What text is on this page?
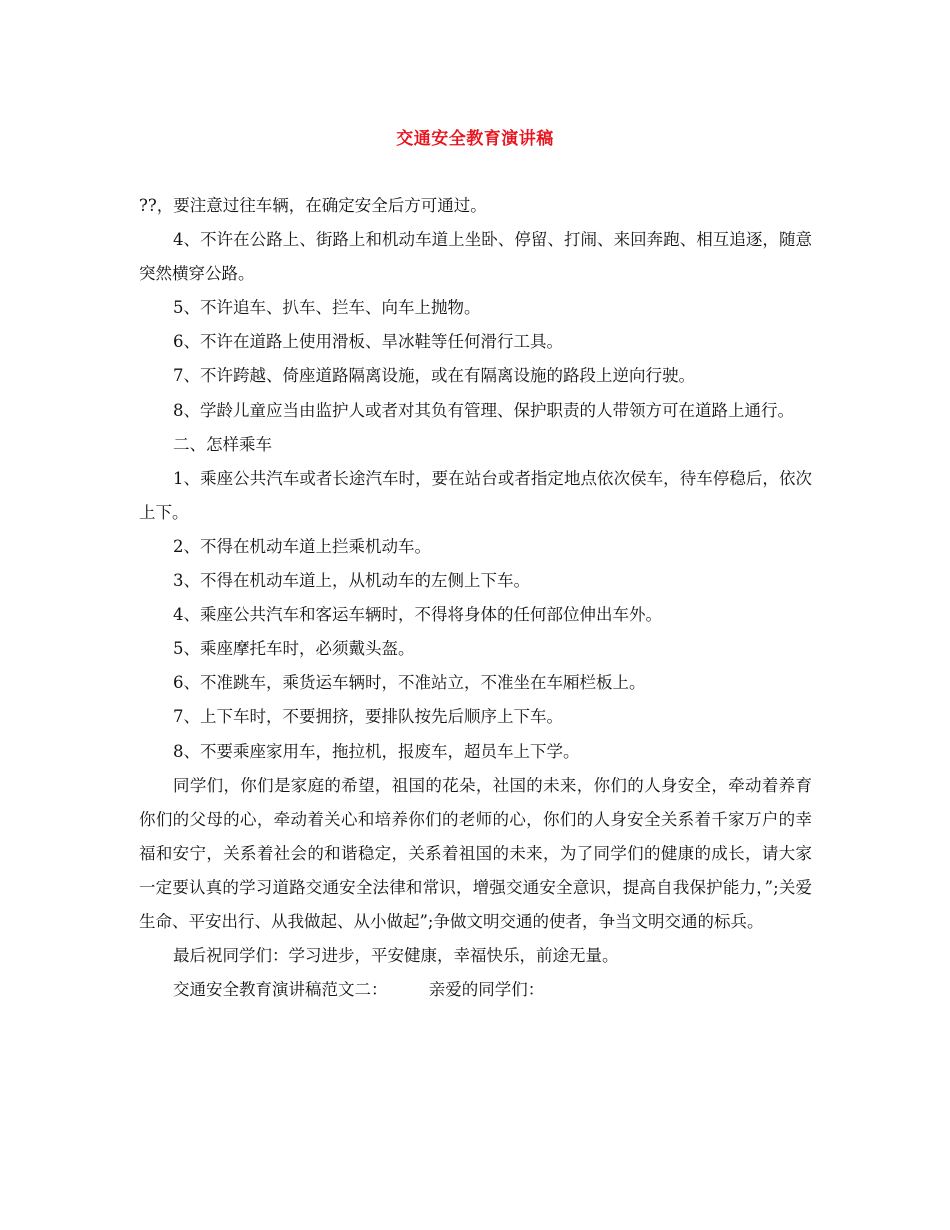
交通安全教育演讲稿

??，要注意过往车辆，在确定安全后方可通过。

4、不许在公路上、街路上和机动车道上坐卧、停留、打闹、来回奔跑、相互追逐，随意突然横穿公路。

5、不许追车、扒车、拦车、向车上抛物。

6、不许在道路上使用滑板、旱冰鞋等任何滑行工具。

7、不许跨越、倚座道路隔离设施，或在有隔离设施的路段上逆向行驶。

8、学龄儿童应当由监护人或者对其负有管理、保护职责的人带领方可在道路上通行。

二、怎样乘车

1、乘座公共汽车或者长途汽车时，要在站台或者指定地点依次侯车，待车停稳后，依次上下。

2、不得在机动车道上拦乘机动车。

3、不得在机动车道上，从机动车的左侧上下车。

4、乘座公共汽车和客运车辆时，不得将身体的任何部位伸出车外。

5、乘座摩托车时，必须戴头盔。

6、不准跳车，乘货运车辆时，不准站立，不准坐在车厢栏板上。

7、上下车时，不要拥挤，要排队按先后顺序上下车。

8、不要乘座家用车，拖拉机，报废车，超员车上下学。

同学们，你们是家庭的希望，祖国的花朵，社国的未来，你们的人身安全，牵动着养育你们的父母的心，牵动着关心和培养你们的老师的心，你们的人身安全关系着千家万户的幸福和安宁，关系着社会的和谐稳定，关系着祖国的未来，为了同学们的健康的成长，请大家一定要认真的学习道路交通安全法律和常识，增强交通安全意识，提高自我保护能力，”;关爱生命、平安出行、从我做起、从小做起”;争做文明交通的使者，争当文明交通的标兵。

最后祝同学们：学习进步，平安健康，幸福快乐，前途无量。

交通安全教育演讲稿范文二：　　　亲爱的同学们：
